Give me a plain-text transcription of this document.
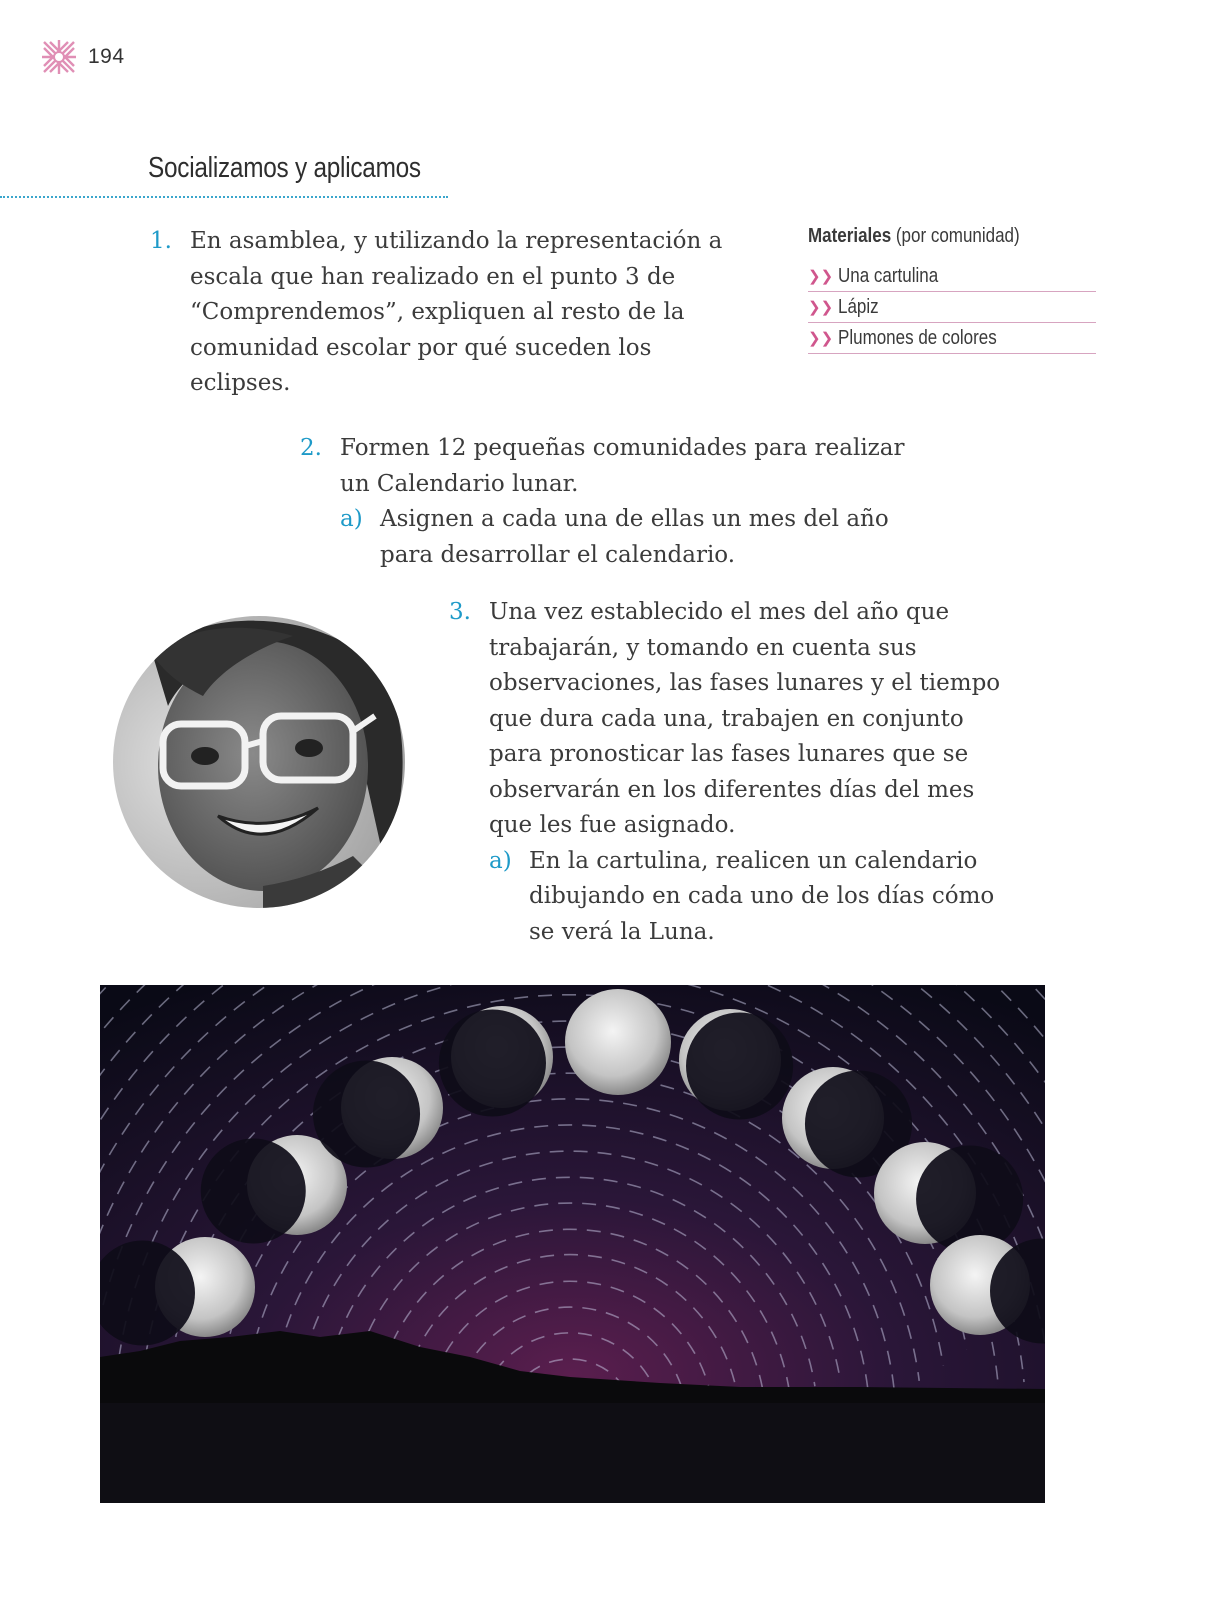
194
Socializamos y aplicamos
1. En asamblea, y utilizando la representación a escala que han realizado en el punto 3 de “Comprendemos”, expliquen al resto de la comunidad escolar por qué suceden los eclipses.
Materiales (por comunidad)
❯❯ Una cartulina
❯❯ Lápiz
❯❯ Plumones de colores
2. Formen 12 pequeñas comunidades para realizar un Calendario lunar.
a) Asignen a cada una de ellas un mes del año para desarrollar el calendario.
3. Una vez establecido el mes del año que trabajarán, y tomando en cuenta sus observaciones, las fases lunares y el tiempo que dura cada una, trabajen en conjunto para pronosticar las fases lunares que se observarán en los diferentes días del mes que les fue asignado.
a) En la cartulina, realicen un calendario dibujando en cada uno de los días cómo se verá la Luna.
